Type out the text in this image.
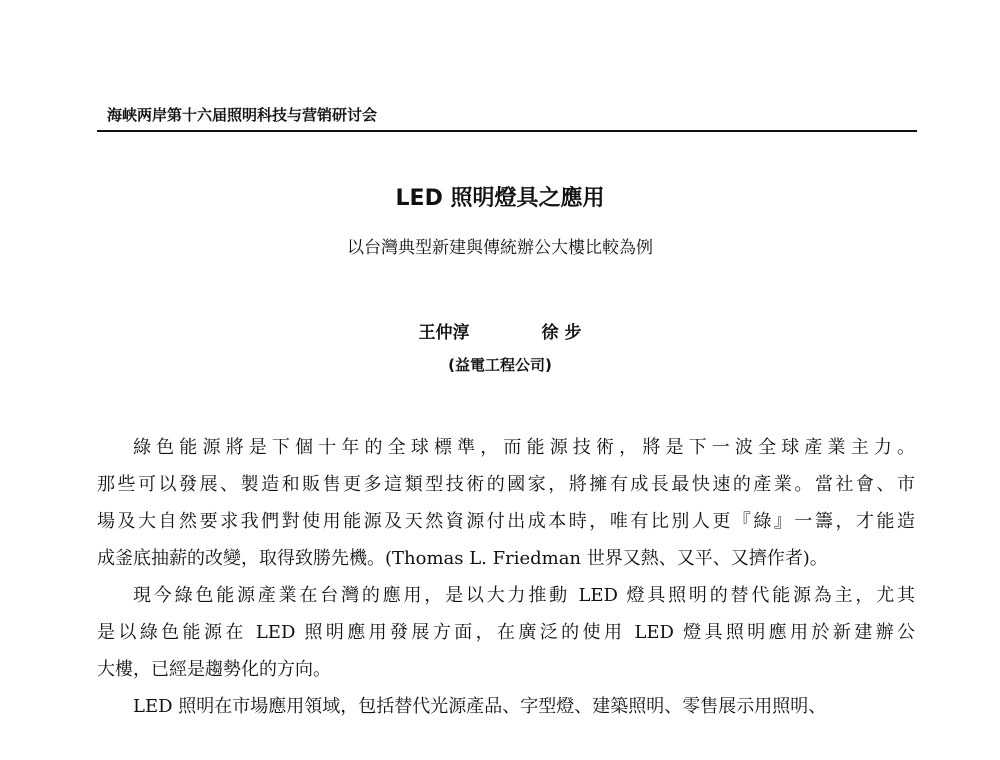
海峡两岸第十六届照明科技与营销研讨会
LED 照明燈具之應用
以台灣典型新建與傳統辦公大樓比較為例
王仲淳	徐 步
(益電工程公司)
綠色能源將是下個十年的全球標準，而能源技術，將是下一波全球產業主力。
那些可以發展、製造和販售更多這類型技術的國家，將擁有成長最快速的產業。當社會、市
場及大自然要求我們對使用能源及天然資源付出成本時，唯有比別人更『綠』一籌，才能造
成釜底抽薪的改變，取得致勝先機。(Thomas L. Friedman 世界又熱、又平、又擠作者)。
現今綠色能源產業在台灣的應用，是以大力推動 LED 燈具照明的替代能源為主，尤其
是以綠色能源在 LED 照明應用發展方面，在廣泛的使用 LED 燈具照明應用於新建辦公
大樓，已經是趨勢化的方向。
LED 照明在市場應用領域，包括替代光源產品、字型燈、建築照明、零售展示用照明、
